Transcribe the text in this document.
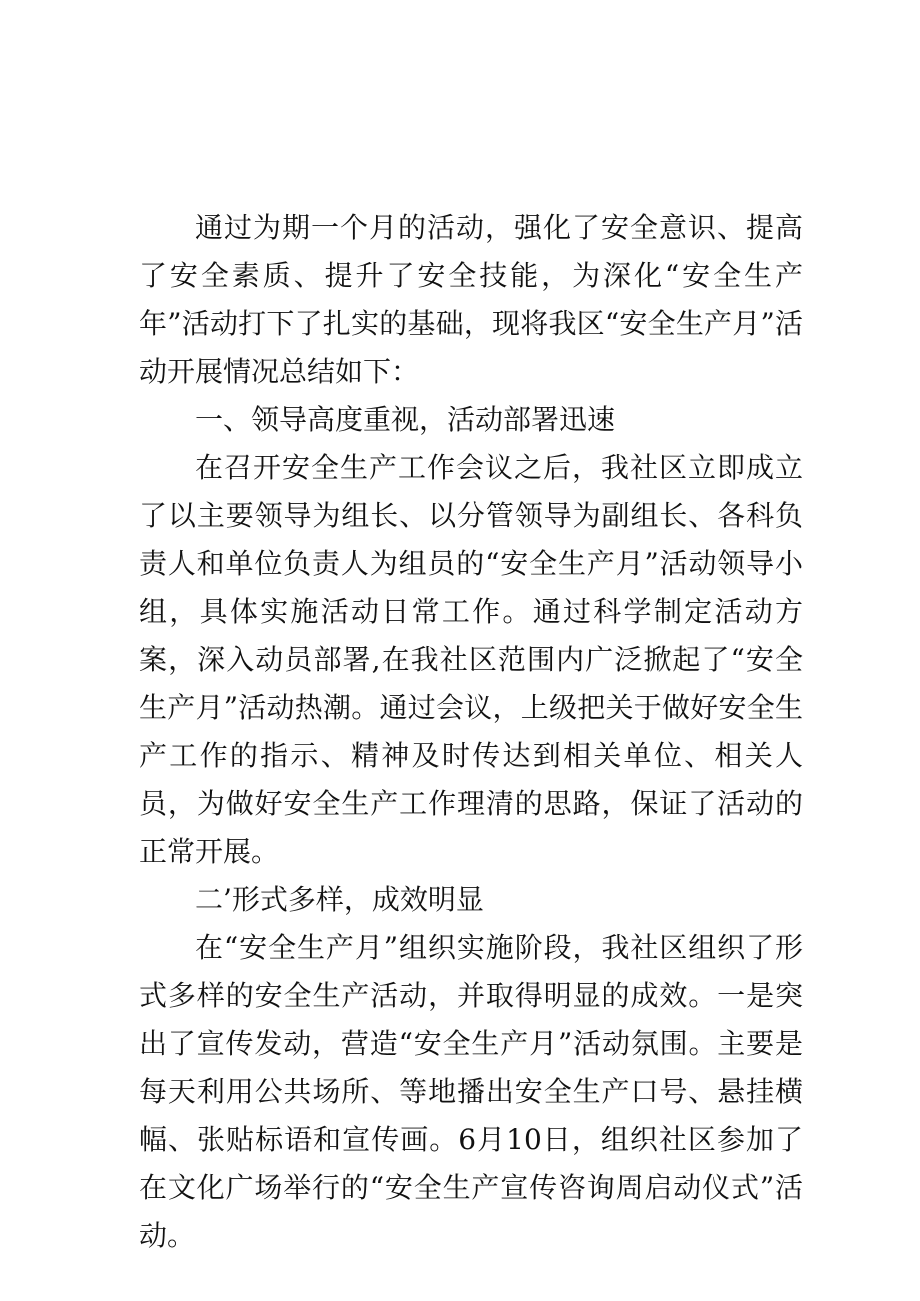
通过为期一个月的活动，强化了安全意识、提高了安全素质、提升了安全技能，为深化“安全生产年”活动打下了扎实的基础，现将我区“安全生产月”活动开展情况总结如下：

一、领导高度重视，活动部署迅速

在召开安全生产工作会议之后，我社区立即成立了以主要领导为组长、以分管领导为副组长、各科负责人和单位负责人为组员的“安全生产月”活动领导小组，具体实施活动日常工作。通过科学制定活动方案，深入动员部署,在我社区范围内广泛掀起了“安全生产月”活动热潮。通过会议，上级把关于做好安全生产工作的指示、精神及时传达到相关单位、相关人员，为做好安全生产工作理清的思路，保证了活动的正常开展。

二’形式多样，成效明显

在“安全生产月”组织实施阶段，我社区组织了形式多样的安全生产活动，并取得明显的成效。一是突出了宣传发动，营造“安全生产月”活动氛围。主要是每天利用公共场所、等地播出安全生产口号、悬挂横幅、张贴标语和宣传画。6月10日，组织社区参加了在文化广场举行的“安全生产宣传咨询周启动仪式”活动。
